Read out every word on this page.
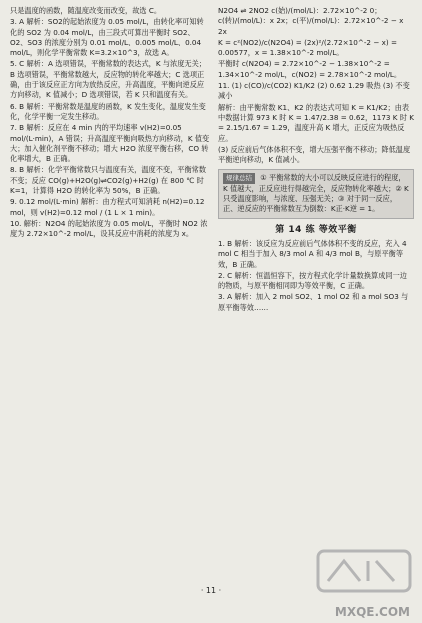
只是温度的函数，随温度改变而改变，故选 C。

3. A 解析：SO2的起始浓度为 0.05 mol/L，由转化率可知转化的 SO2 为 0.04 mol/L，由三段式可算出平衡时 SO2、O2、SO3 的浓度分别为 0.01 mol/L、0.005 mol/L、0.04 mol/L，则化学平衡常数 K=3.2×10^3，故选 A。

5. C 解析：A 选项错误，平衡常数的表达式，K 与浓度无关；B 选项错误，平衡常数越大，反应物的转化率越大；C 选项正确，由于该反应正方向为放热反应，升高温度，平衡向逆反应方向移动，K 值减小；D 选项错误，若 K 只和温度有关。

6. B 解析：平衡常数是温度的函数，K 发生变化，温度发生变化，化学平衡一定发生移动。

7. B 解析：反应在 4 min 内的平均速率 v(H2)=0.05 mol/(L·min)，A 错误；升高温度平衡向吸热方向移动，K 值变大；加入催化剂平衡不移动；增大 H2O 浓度平衡右移，CO 转化率增大，B 正确。

8. B 解析：化学平衡常数只与温度有关，温度不变，平衡常数不变；反应 CO(g)+H2O(g)⇌CO2(g)+H2(g) 在 800 ℃ 时 K=1，计算得 H2O 的转化率为 50%，B 正确。

9. 0.12 mol/(L·min) 解析：由方程式可知消耗 n(H2)=0.12 mol，则 v(H2)=0.12 mol / (1 L × 1 min)。

10. 解析：N2O4 的起始浓度为 0.05 mol/L，平衡时 NO2 浓度为 2.72×10^-2 mol/L，设其反应中消耗的浓度为 x。

N2O4 ⇌ 2NO2 c(始)/(mol/L)：2.72×10^-2 0；c(转)/(mol/L)：x 2x；c(平)/(mol/L)：2.72×10^-2 − x 2x

K = c²(NO2)/c(N2O4) = (2x)²/(2.72×10^-2 − x) = 0.00577，x = 1.38×10^-2 mol/L。

平衡时 c(N2O4) = 2.72×10^-2 − 1.38×10^-2 = 1.34×10^-2 mol/L，c(NO2) = 2.78×10^-2 mol/L。

11. (1) c(CO)/c(CO2) K1/K2 (2) 0.62 1.29 吸热 (3) 不变 减小

解析：由平衡常数 K1、K2 的表达式可知 K = K1/K2；由表中数据计算 973 K 时 K = 1.47/2.38 = 0.62，1173 K 时 K = 2.15/1.67 = 1.29，温度升高 K 增大，正反应为吸热反应。

(3) 反应前后气体体积不变，增大压强平衡不移动；降低温度平衡逆向移动，K 值减小。

规律总结 ① 平衡常数的大小可以反映反应进行的程度，K 值越大，正反应进行得越完全，反应物转化率越大；② K 只受温度影响，与浓度、压强无关；③ 对于同一反应，正、逆反应的平衡常数互为倒数：K正·K逆 = 1。
第 14 练 等效平衡

1. B 解析：该反应为反应前后气体体积不变的反应，充入 4 mol C 相当于加入 8/3 mol A 和 4/3 mol B，与原平衡等效，B 正确。

2. C 解析：恒温恒容下，按方程式化学计量数换算成同一边的物质，与原平衡相同即为等效平衡，C 正确。

3. A 解析：加入 2 mol SO2、1 mol O2 和 a mol SO3 与原平衡等效……

· 11 ·
MXQE.COM
